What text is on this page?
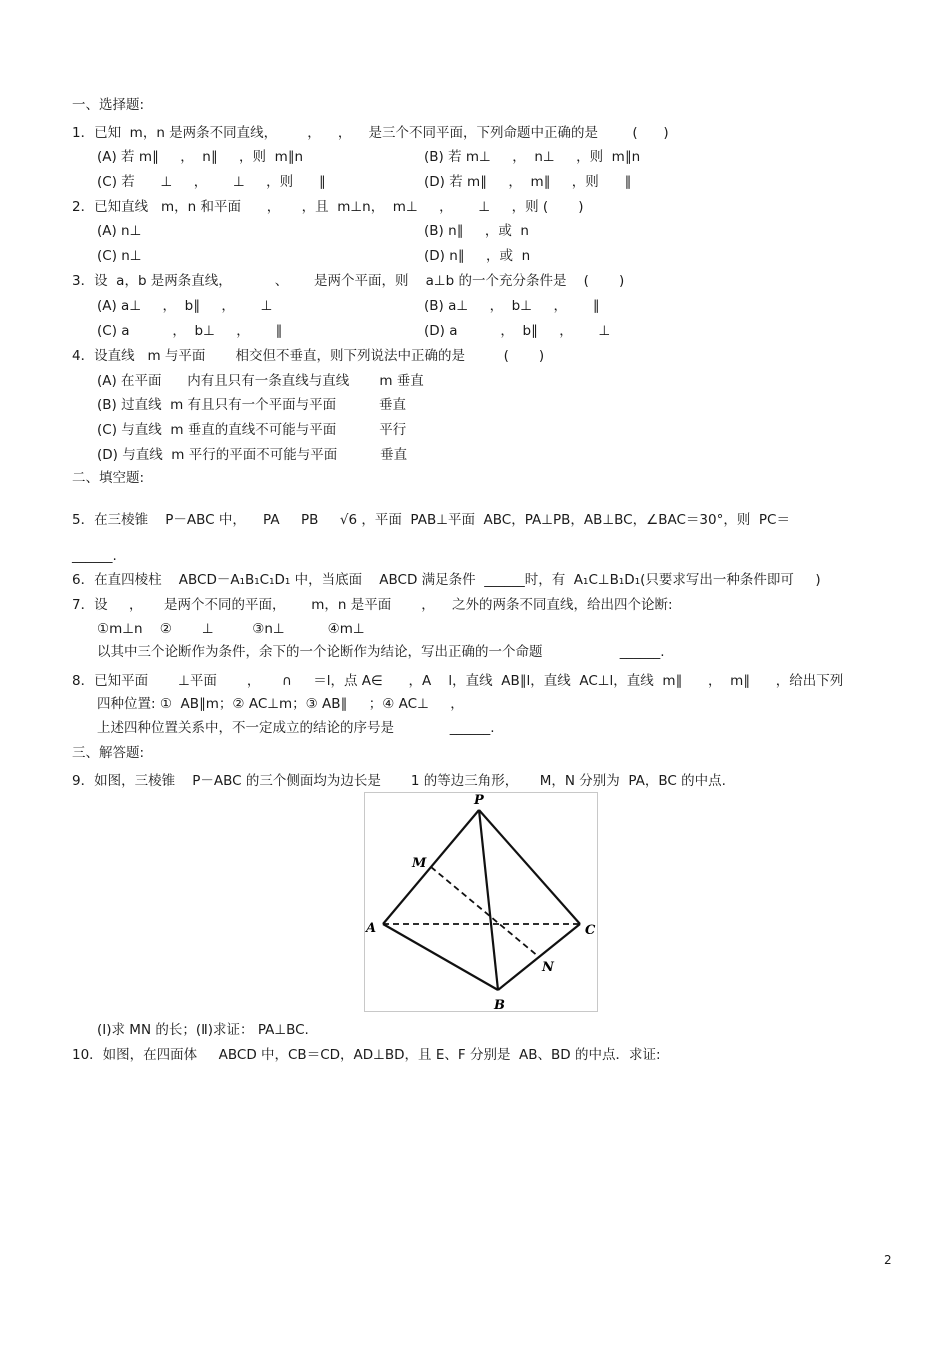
一、选择题:
1．已知  m，n 是两条不同直线，       ，    ，    是三个不同平面，下列命题中正确的是        (      )
(A) 若 m∥     ，  n∥     ，则  m∥n	(B) 若 m⊥     ，  n⊥     ，则  m∥n
(C) 若      ⊥     ，      ⊥     ，则      ∥	(D) 若 m∥     ，  m∥     ，则      ∥
2．已知直线   m，n 和平面      ，     ，且  m⊥n，  m⊥     ，      ⊥     ，则 (       )
(A) n⊥	(B) n∥     ，或  n
(C) n⊥	(D) n∥     ，或  n
3．设  a，b 是两条直线，          、      是两个平面，则    a⊥b 的一个充分条件是    (       )
(A) a⊥     ，  b∥     ，      ⊥	(B) a⊥     ，  b⊥     ，      ∥
(C) a          ，  b⊥     ，      ∥	(D) a          ，  b∥     ，      ⊥
4．设直线   m 与平面       相交但不垂直，则下列说法中正确的是         (       )
(A) 在平面      内有且只有一条直线与直线       m 垂直
(B) 过直线  m 有且只有一个平面与平面          垂直
(C) 与直线  m 垂直的直线不可能与平面          平行
(D) 与直线  m 平行的平面不可能与平面          垂直
二、填空题:
5．在三棱锥    P－ABC 中，    PA     PB     √6 ，平面  PAB⊥平面  ABC，PA⊥PB，AB⊥BC，∠BAC＝30°，则  PC＝
______.
6．在直四棱柱    ABCD－A₁B₁C₁D₁ 中，当底面    ABCD 满足条件  ______时，有  A₁C⊥B₁D₁(只要求写出一种条件即可     )
7．设     ，     是两个不同的平面，      m，n 是平面       ，    之外的两条不同直线，给出四个论断:
①m⊥n    ②       ⊥         ③n⊥          ④m⊥
以其中三个论断作为条件，余下的一个论断作为结论，写出正确的一个命题                  ______.
8．已知平面       ⊥平面       ，     ∩     ＝l，点 A∈      ，A    l，直线  AB∥l，直线  AC⊥l，直线  m∥      ，  m∥      ，给出下列
四种位置: ①  AB∥m；② AC⊥m；③ AB∥     ；④ AC⊥     ，
上述四种位置关系中，不一定成立的结论的序号是             ______.
三、解答题:
9．如图，三棱锥    P－ABC 的三个侧面均为边长是       1 的等边三角形，     M，N 分别为  PA，BC 的中点.
(Ⅰ)求 MN 的长；(Ⅱ)求证： PA⊥BC.
10．如图，在四面体     ABCD 中，CB＝CD，AD⊥BD，且 E、F 分别是  AB、BD 的中点．求证:
P
M
A	C
N
B
2
